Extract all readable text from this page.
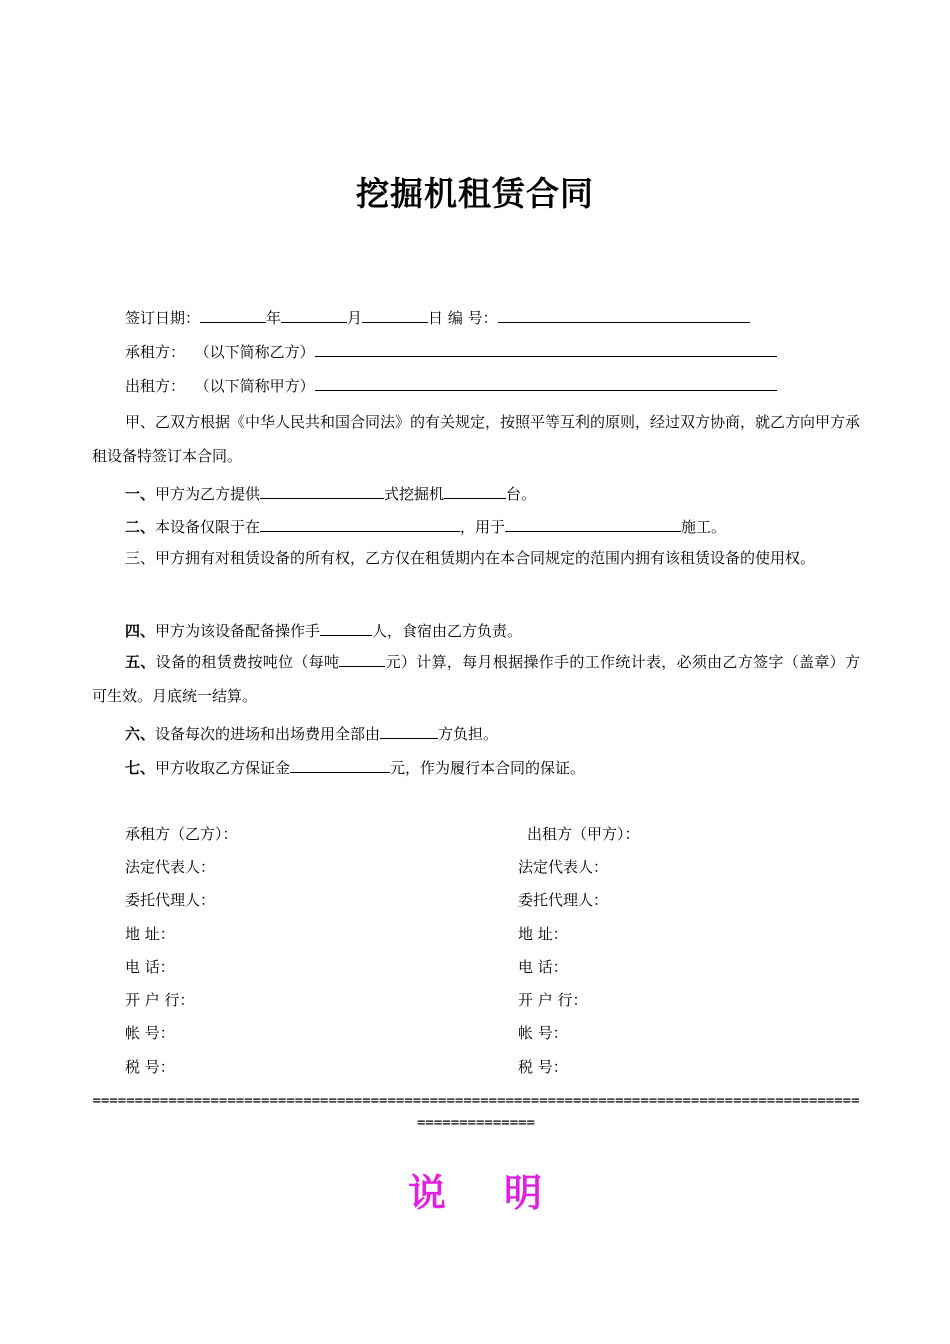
挖掘机租赁合同
签订日期：	年	月	日 编 号：
承租方： （以下简称乙方）
出租方： （以下简称甲方）
甲、乙双方根据《中华人民共和国合同法》的有关规定，按照平等互利的原则，经过双方协商，就乙方向甲方承租设备特签订本合同。
一、甲方为乙方提供	式挖掘机	台。
二、本设备仅限于在	，用于	施工。
三、甲方拥有对租赁设备的所有权，乙方仅在租赁期内在本合同规定的范围内拥有该租赁设备的使用权。
四、甲方为该设备配备操作手	人，食宿由乙方负责。
五、设备的租赁费按吨位（每吨	元）计算，每月根据操作手的工作统计表，必须由乙方签字（盖章）方可生效。月底统一结算。
六、设备每次的进场和出场费用全部由	方负担。
七、甲方收取乙方保证金	元，作为履行本合同的保证。
承租方（乙方）：	出租方（甲方）：
法定代表人：	法定代表人：
委托代理人：	委托代理人：
地 址：	地 址：
电 话：	电 话：
开 户 行：	开 户 行：
帐 号：	帐 号：
税 号：	税 号：
=========================================================================================================
说 明
